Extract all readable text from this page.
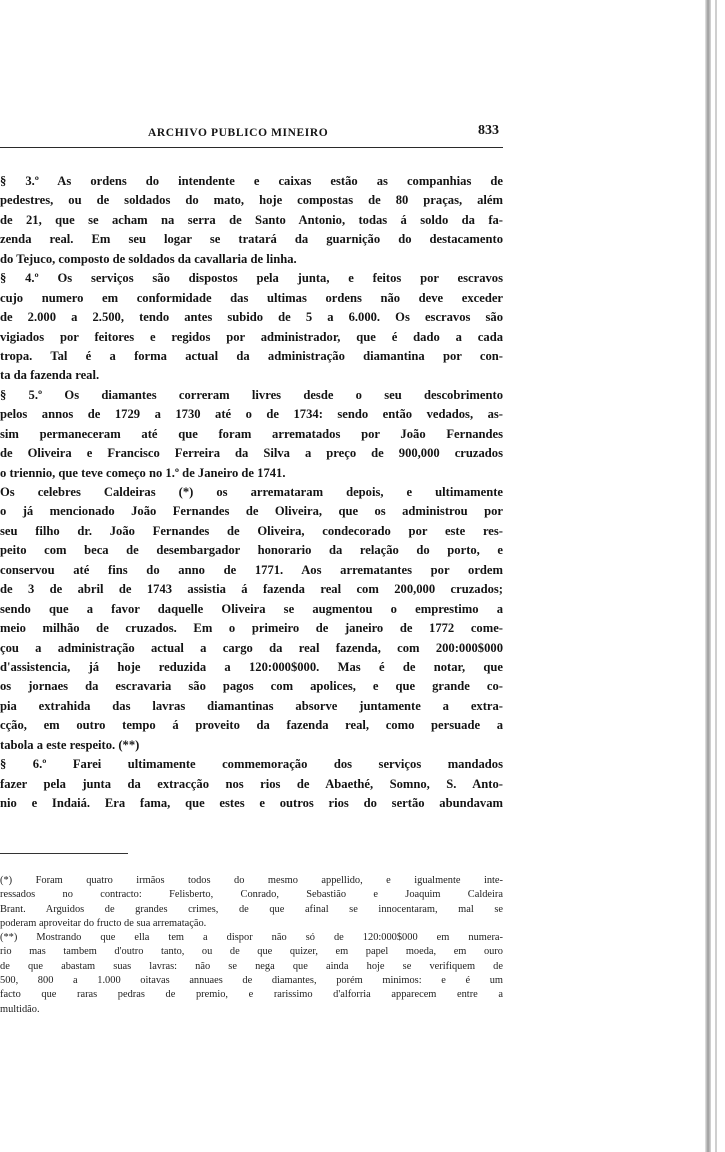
ARCHIVO PUBLICO MINEIRO	833
§ 3.º As ordens do intendente e caixas estão as companhias de
pedestres, ou de soldados do mato, hoje compostas de 80 praças, além
de 21, que se acham na serra de Santo Antonio, todas á soldo da fa-
zenda real. Em seu logar se tratará da guarnição do destacamento
do Tejuco, composto de soldados da cavallaria de linha.
§ 4.º Os serviços são dispostos pela junta, e feitos por escravos
cujo numero em conformidade das ultimas ordens não deve exceder
de 2.000 a 2.500, tendo antes subido de 5 a 6.000. Os escravos são
vigiados por feitores e regidos por administrador, que é dado a cada
tropa. Tal é a forma actual da administração diamantina por con-
ta da fazenda real.
§ 5.º Os diamantes correram livres desde o seu descobrimento
pelos annos de 1729 a 1730 até o de 1734: sendo então vedados, as-
sim permaneceram até que foram arrematados por João Fernandes
de Oliveira e Francisco Ferreira da Silva a preço de 900,000 cruzados
o triennio, que teve começo no 1.º de Janeiro de 1741.
Os celebres Caldeiras (*) os arremataram depois, e ultimamente
o já mencionado João Fernandes de Oliveira, que os administrou por
seu filho dr. João Fernandes de Oliveira, condecorado por este res-
peito com beca de desembargador honorario da relação do porto, e
conservou até fins do anno de 1771. Aos arrematantes por ordem
de 3 de abril de 1743 assistia á fazenda real com 200,000 cruzados;
sendo que a favor daquelle Oliveira se augmentou o emprestimo a
meio milhão de cruzados. Em o primeiro de janeiro de 1772 come-
çou a administração actual a cargo da real fazenda, com 200:000$000
d'assistencia, já hoje reduzida a 120:000$000. Mas é de notar, que
os jornaes da escravaria são pagos com apolices, e que grande co-
pia extrahida das lavras diamantinas absorve juntamente a extra-
cção, em outro tempo á proveito da fazenda real, como persuade a
tabola a este respeito. (**)
§ 6.º Farei ultimamente commemoração dos serviços mandados
fazer pela junta da extracção nos rios de Abaethé, Somno, S. Anto-
nio e Indaiá. Era fama, que estes e outros rios do sertão abundavam
(*) Foram quatro irmãos todos do mesmo appellido, e igualmente inte-
ressados no contracto: Felisberto, Conrado, Sebastião e Joaquim Caldeira
Brant. Arguidos de grandes crimes, de que afinal se innocentaram, mal se
poderam aproveitar do fructo de sua arrematação.
(**) Mostrando que ella tem a dispor não só de 120:000$000 em numera-
rio mas tambem d'outro tanto, ou de que quizer, em papel moeda, em ouro
de que abastam suas lavras: não se nega que ainda hoje se verifiquem de
500, 800 a 1.000 oitavas annuaes de diamantes, porém minimos: e é um
facto que raras pedras de premio, e rarissimo d'alforria apparecem entre a
multidão.
